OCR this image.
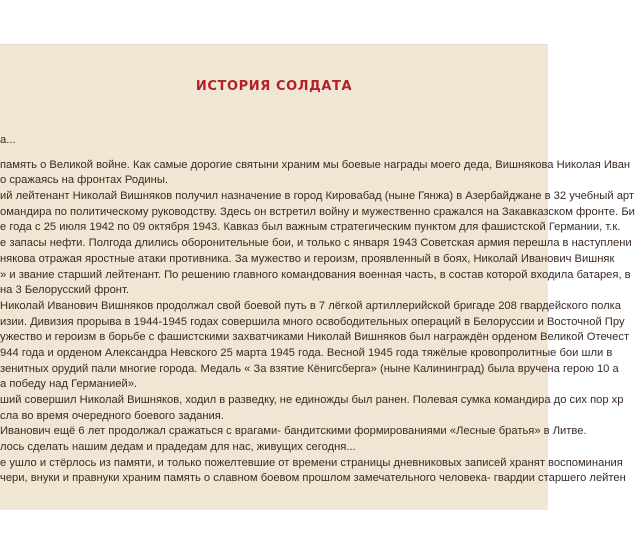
ИСТОРИЯ СОЛДАТА
a...
память о Великой войне. Как самые дорогие святыни храним мы боевые награды моего деда, Вишнякова Николая Иван
о сражаясь на фронтах Родины.
ий лейтенант Николай Вишняков получил назначение в город Кировабад (ныне Гянжа) в Азербайджане в 32 учебный арт
омандира по политическому руководству. Здесь он встретил войну и мужественно сражался на Закавказском фронте. Би
е года с 25 июля 1942 по 09 октября 1943. Кавказ был важным стратегическим пунктом для фашистской Германии, т.к.
е запасы нефти. Полгода длились оборонительные бои, и только с января 1943 Советская армия перешла в наступлени
някова отражая яростные атаки противника. За мужество и героизм, проявленный в боях, Николай Иванович Вишняк
» и звание старший лейтенант. По решению главного командования военная часть, в состав которой входила батарея, в
на 3 Белорусский фронт.
Николай Иванович Вишняков продолжал свой боевой путь в 7 лёгкой артиллерийской бригаде 208 гвардейского полка
изии. Дивизия прорыва в 1944-1945 годах совершила много освободительных операций в Белоруссии и Восточной Пру
ужество и героизм в борьбе с фашистскими захватчиками Николай Вишняков был награждён орденом Великой Отечест
944 года и орденом Александра Невского 25 марта 1945 года. Весной 1945 года тяжёлые кровопролитные бои шли в
зенитных орудий пали многие города. Медаль « За взятие Кёнигсберга» (ныне Калининград) была вручена герою 10 а
а победу над Германией».
ший совершил Николай Вишняков, ходил в разведку, не единожды был ранен. Полевая сумка командира до сих пор хр
сла во время очередного боевого задания.
Иванович ещё 6 лет продолжал сражаться с врагами- бандитскими формированиями «Лесные братья» в Литве.
лось сделать нашим дедам и прадедам для нас, живущих сегодня...
е ушло и стёрлось из памяти, и только пожелтевшие от времени страницы дневниковых записей хранят воспоминания
чери, внуки и правнуки храним память о славном боевом прошлом замечательного человека- гвардии старшего лейтен
